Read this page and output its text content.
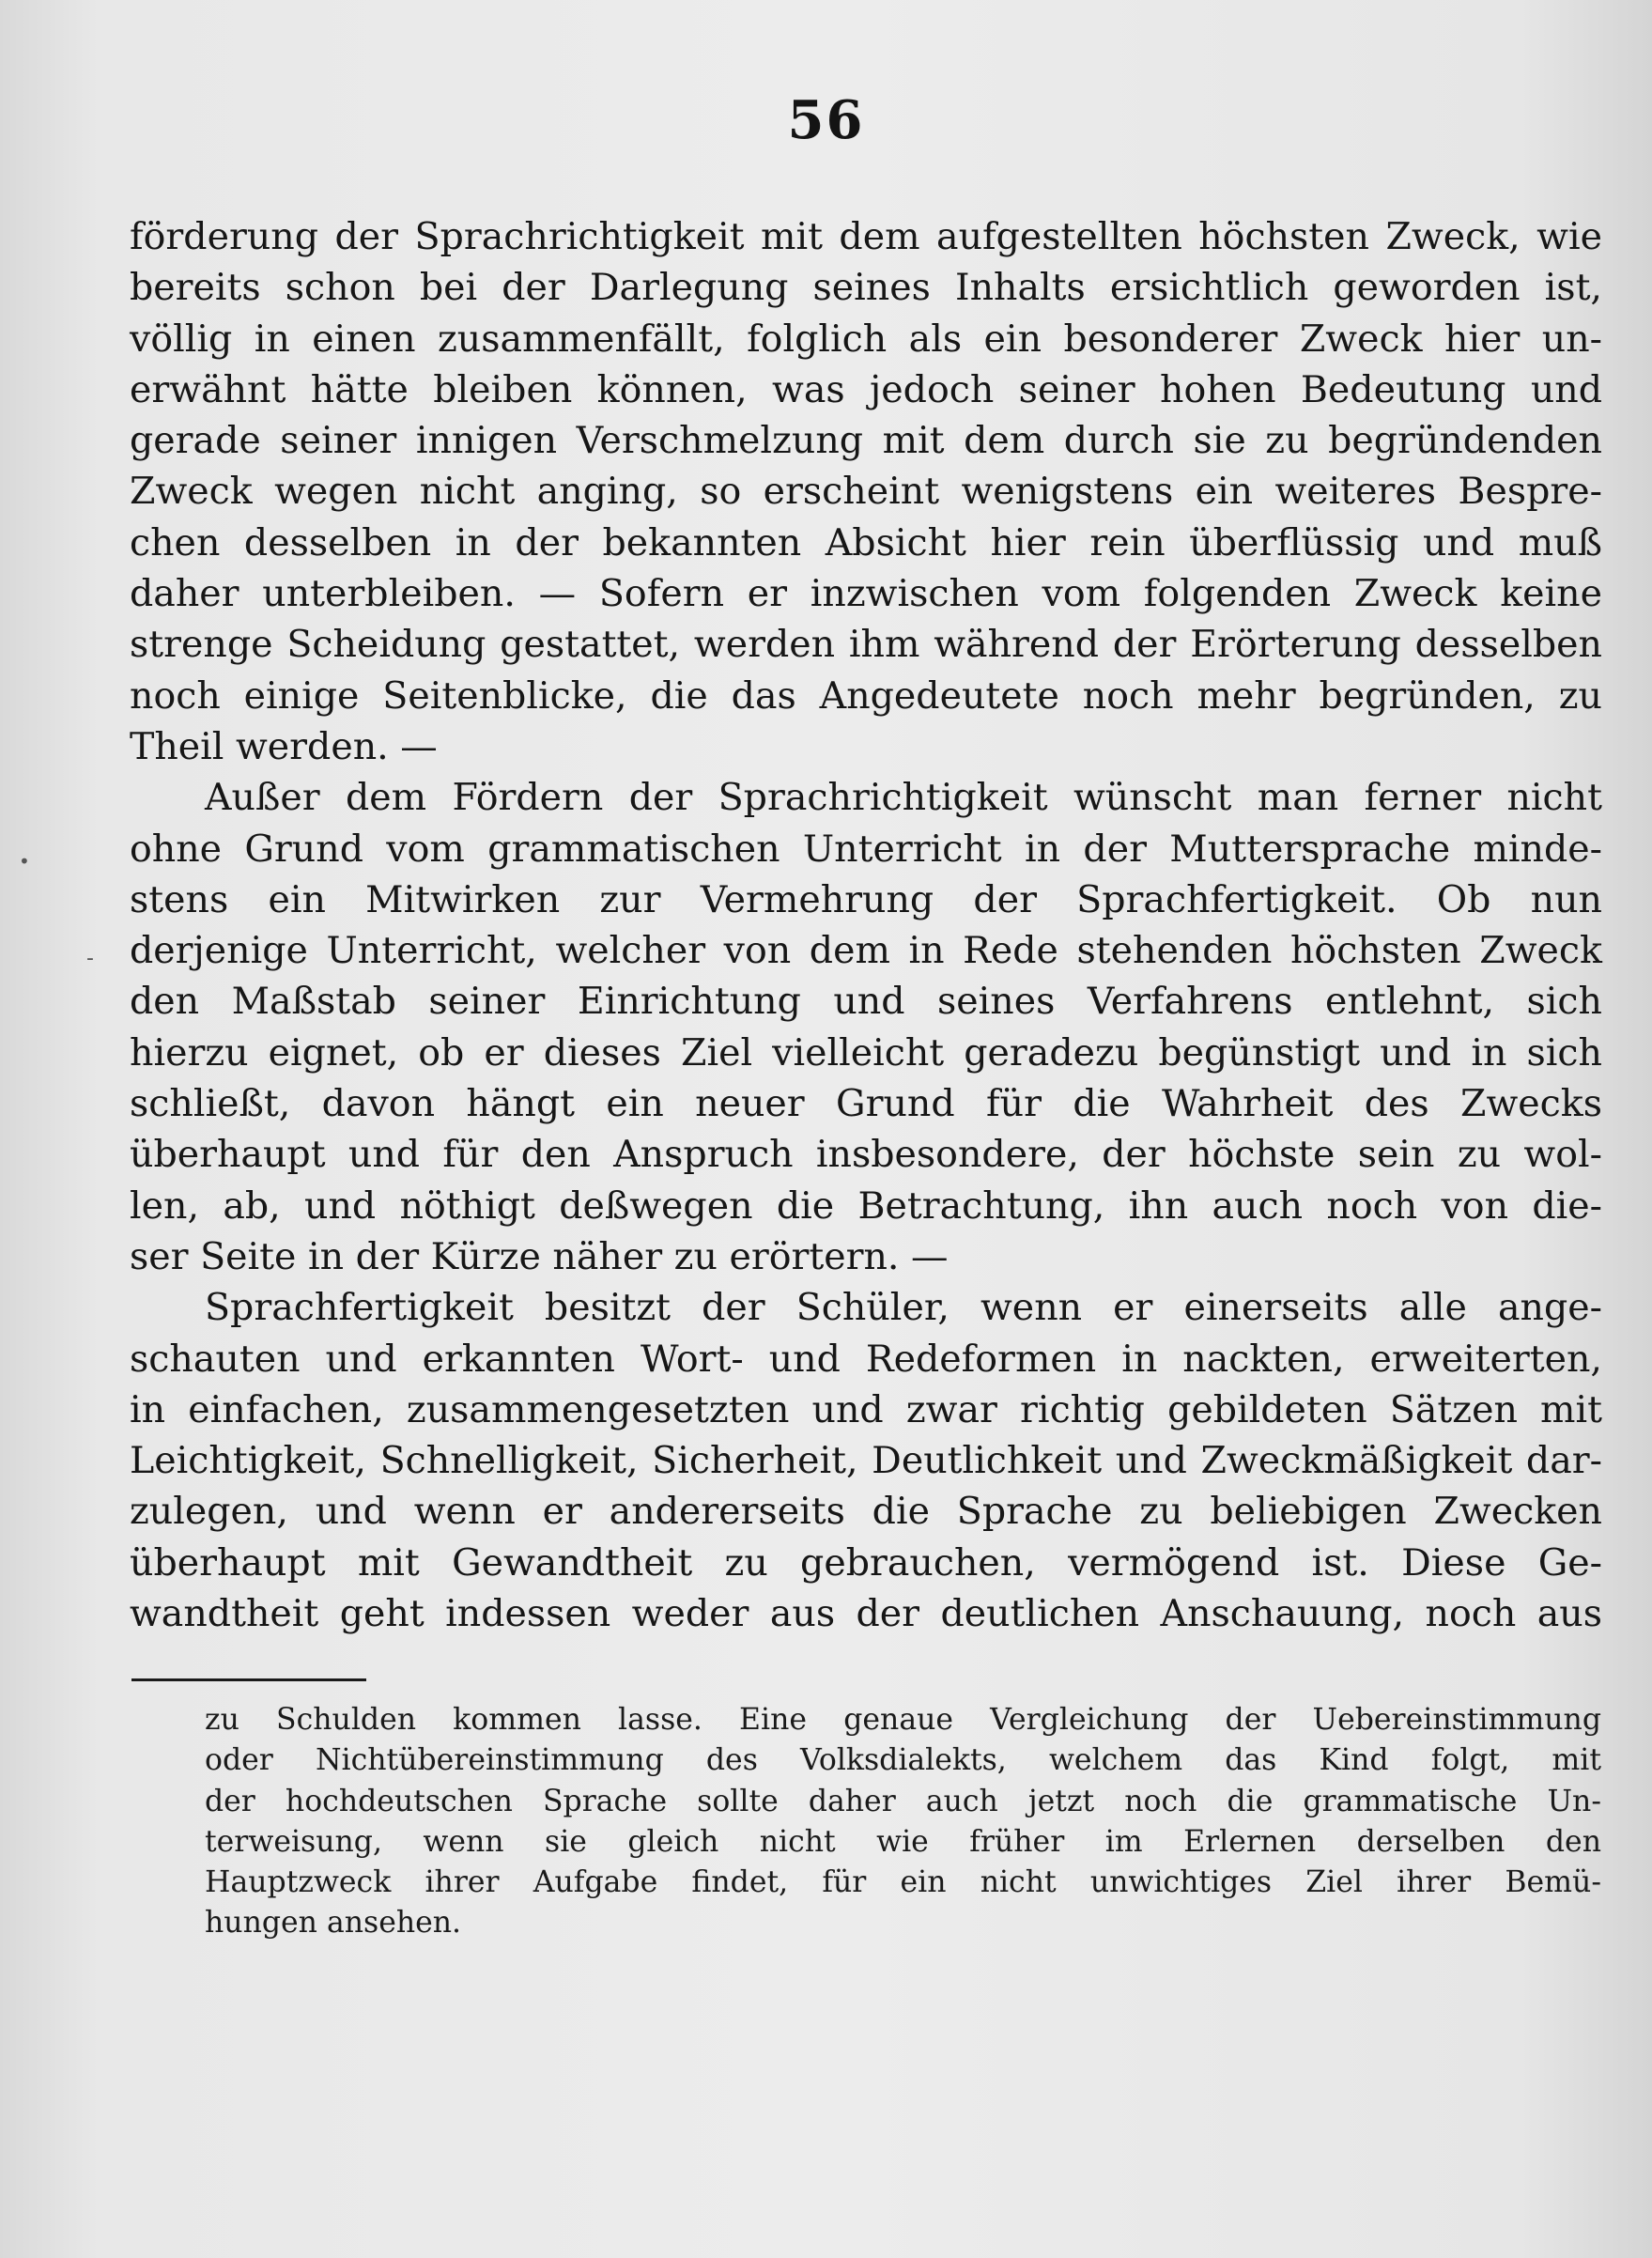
56
förderung der Sprachrichtigkeit mit dem aufgestellten höchsten Zweck, wie
bereits schon bei der Darlegung seines Inhalts ersichtlich geworden ist,
völlig in einen zusammenfällt, folglich als ein besonderer Zweck hier un-
erwähnt hätte bleiben können, was jedoch seiner hohen Bedeutung und
gerade seiner innigen Verschmelzung mit dem durch sie zu begründenden
Zweck wegen nicht anging, so erscheint wenigstens ein weiteres Bespre-
chen desselben in der bekannten Absicht hier rein überflüssig und muß
daher unterbleiben. — Sofern er inzwischen vom folgenden Zweck keine
strenge Scheidung gestattet, werden ihm während der Erörterung desselben
noch einige Seitenblicke, die das Angedeutete noch mehr begründen, zu
Theil werden. —
Außer dem Fördern der Sprachrichtigkeit wünscht man ferner nicht
ohne Grund vom grammatischen Unterricht in der Muttersprache minde-
stens ein Mitwirken zur Vermehrung der Sprachfertigkeit. Ob nun
derjenige Unterricht, welcher von dem in Rede stehenden höchsten Zweck
den Maßstab seiner Einrichtung und seines Verfahrens entlehnt, sich
hierzu eignet, ob er dieses Ziel vielleicht geradezu begünstigt und in sich
schließt, davon hängt ein neuer Grund für die Wahrheit des Zwecks
überhaupt und für den Anspruch insbesondere, der höchste sein zu wol-
len, ab, und nöthigt deßwegen die Betrachtung, ihn auch noch von die-
ser Seite in der Kürze näher zu erörtern. —
Sprachfertigkeit besitzt der Schüler, wenn er einerseits alle ange-
schauten und erkannten Wort- und Redeformen in nackten, erweiterten,
in einfachen, zusammengesetzten und zwar richtig gebildeten Sätzen mit
Leichtigkeit, Schnelligkeit, Sicherheit, Deutlichkeit und Zweckmäßigkeit dar-
zulegen, und wenn er andererseits die Sprache zu beliebigen Zwecken
überhaupt mit Gewandtheit zu gebrauchen, vermögend ist. Diese Ge-
wandtheit geht indessen weder aus der deutlichen Anschauung, noch aus
zu Schulden kommen lasse. Eine genaue Vergleichung der Uebereinstimmung
oder Nichtübereinstimmung des Volksdialekts, welchem das Kind folgt, mit
der hochdeutschen Sprache sollte daher auch jetzt noch die grammatische Un-
terweisung, wenn sie gleich nicht wie früher im Erlernen derselben den
Hauptzweck ihrer Aufgabe findet, für ein nicht unwichtiges Ziel ihrer Bemü-
hungen ansehen.
•
-
